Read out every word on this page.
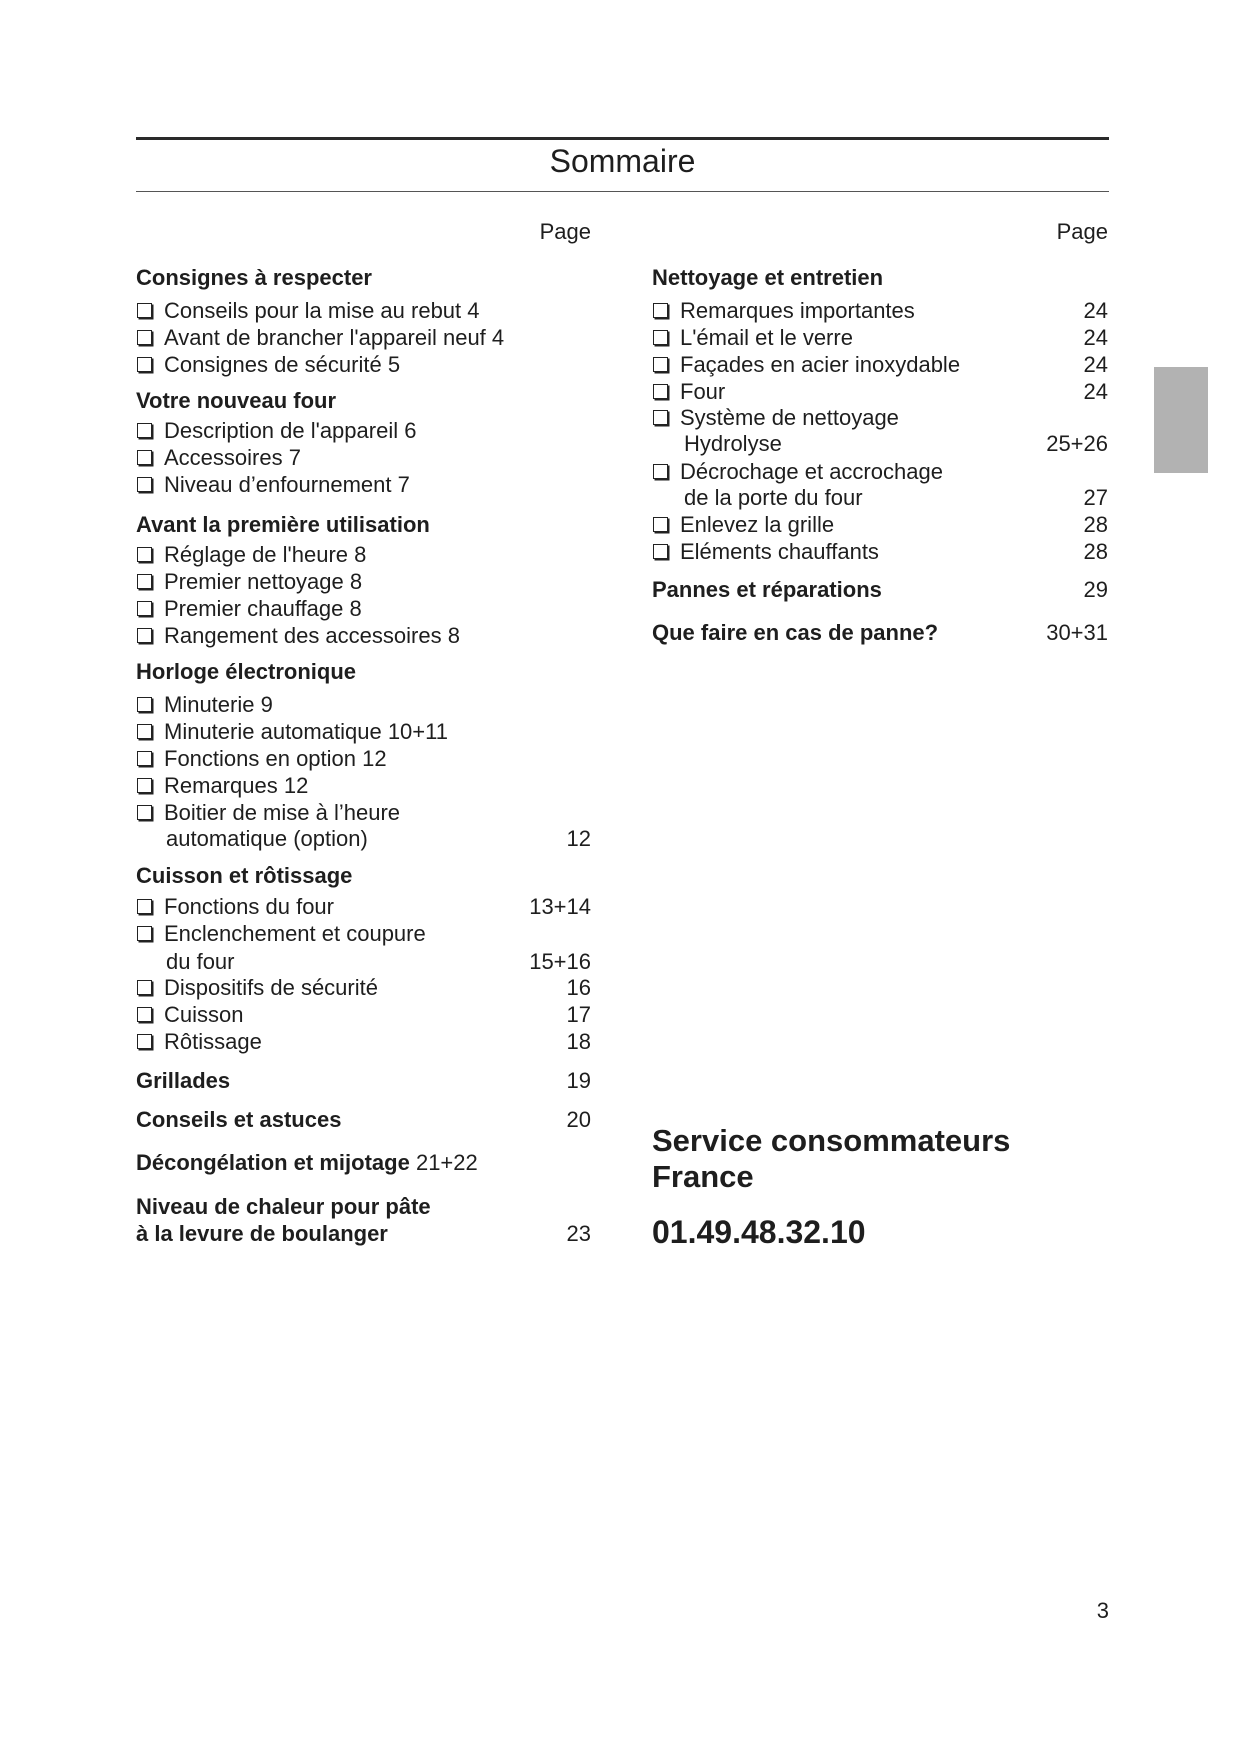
Sommaire
Page
Consignes à respecter
Conseils pour la mise au rebut 4
Avant de brancher l'appareil neuf 4
Consignes de sécurité 5
Votre nouveau four
Description de l'appareil 6
Accessoires 7
Niveau d’enfournement 7
Avant la première utilisation
Réglage de l'heure 8
Premier nettoyage 8
Premier chauffage 8
Rangement des accessoires 8
Horloge électronique
Minuterie 9
Minuterie automatique 10+11
Fonctions en option 12
Remarques 12
Boitier de mise à l’heure
automatique (option)	12
Cuisson et rôtissage
Fonctions du four	13+14
Enclenchement et coupure
du four	15+16
Dispositifs de sécurité	16
Cuisson	17
Rôtissage	18
Grillades	19
Conseils et astuces	20
Décongélation et mijotage 21+22
Niveau de chaleur pour pâte
à la levure de boulanger	23
Page
Nettoyage et entretien
Remarques importantes	24
L'émail et le verre	24
Façades en acier inoxydable	24
Four	24
Système de nettoyage
Hydrolyse	25+26
Décrochage et accrochage
de la porte du four	27
Enlevez la grille	28
Eléments chauffants	28
Pannes et réparations	29
Que faire en cas de panne?	30+31
Service consommateurs
France
01.49.48.32.10
3
